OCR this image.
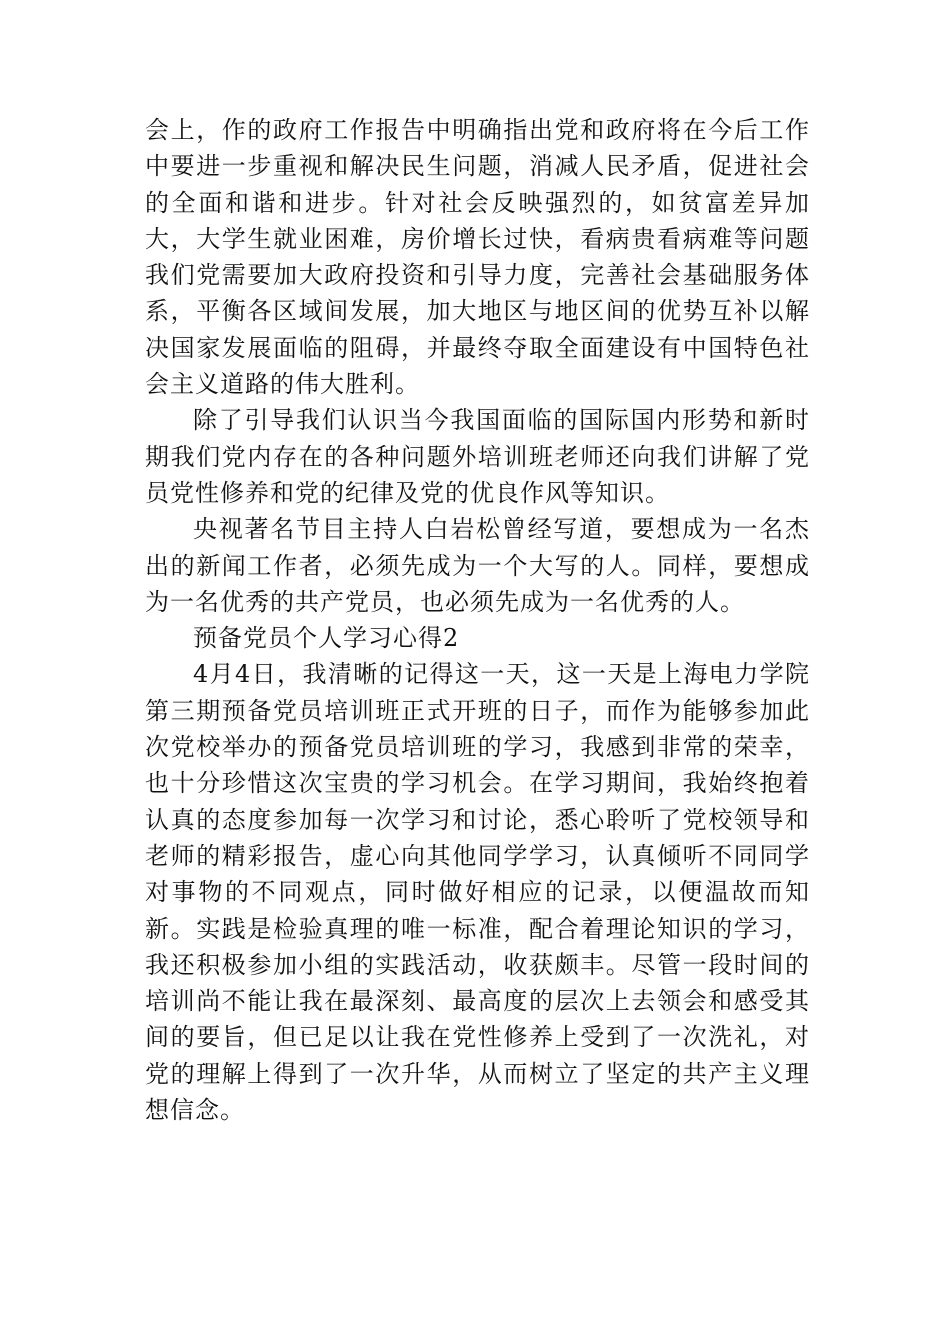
会上，作的政府工作报告中明确指出党和政府将在今后工作中要进一步重视和解决民生问题，消减人民矛盾，促进社会的全面和谐和进步。针对社会反映强烈的，如贫富差异加大，大学生就业困难，房价增长过快，看病贵看病难等问题我们党需要加大政府投资和引导力度，完善社会基础服务体系，平衡各区域间发展，加大地区与地区间的优势互补以解决国家发展面临的阻碍，并最终夺取全面建设有中国特色社会主义道路的伟大胜利。

除了引导我们认识当今我国面临的国际国内形势和新时期我们党内存在的各种问题外培训班老师还向我们讲解了党员党性修养和党的纪律及党的优良作风等知识。

央视著名节目主持人白岩松曾经写道，要想成为一名杰出的新闻工作者，必须先成为一个大写的人。同样，要想成为一名优秀的共产党员，也必须先成为一名优秀的人。

预备党员个人学习心得2

4月4日，我清晰的记得这一天，这一天是上海电力学院第三期预备党员培训班正式开班的日子，而作为能够参加此次党校举办的预备党员培训班的学习，我感到非常的荣幸，也十分珍惜这次宝贵的学习机会。在学习期间，我始终抱着认真的态度参加每一次学习和讨论，悉心聆听了党校领导和老师的精彩报告，虚心向其他同学学习，认真倾听不同同学对事物的不同观点，同时做好相应的记录，以便温故而知新。实践是检验真理的唯一标准，配合着理论知识的学习，我还积极参加小组的实践活动，收获颇丰。尽管一段时间的培训尚不能让我在最深刻、最高度的层次上去领会和感受其间的要旨，但已足以让我在党性修养上受到了一次洗礼，对党的理解上得到了一次升华，从而树立了坚定的共产主义理想信念。
